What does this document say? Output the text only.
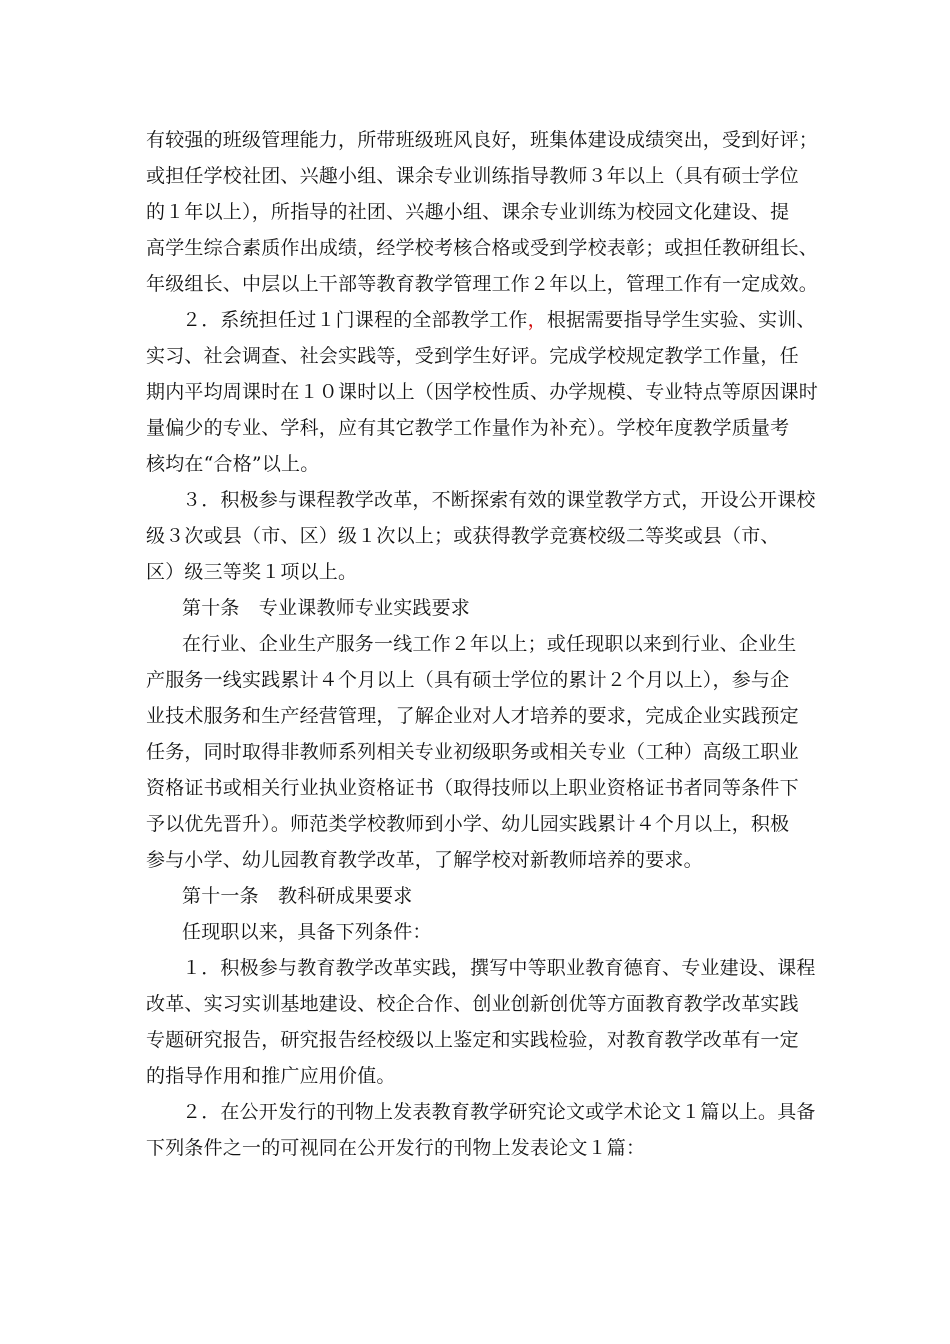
有较强的班级管理能力，所带班级班风良好，班集体建设成绩突出，受到好评；
或担任学校社团、兴趣小组、课余专业训练指导教师３年以上（具有硕士学位
的１年以上），所指导的社团、兴趣小组、课余专业训练为校园文化建设、提
高学生综合素质作出成绩，经学校考核合格或受到学校表彰；或担任教研组长、
年级组长、中层以上干部等教育教学管理工作２年以上，管理工作有一定成效。
２．系统担任过１门课程的全部教学工作，根据需要指导学生实验、实训、
实习、社会调查、社会实践等，受到学生好评。完成学校规定教学工作量，任
期内平均周课时在１０课时以上（因学校性质、办学规模、专业特点等原因课时
量偏少的专业、学科，应有其它教学工作量作为补充）。学校年度教学质量考
核均在“合格”以上。
３．积极参与课程教学改革，不断探索有效的课堂教学方式，开设公开课校
级３次或县（市、区）级１次以上；或获得教学竞赛校级二等奖或县（市、
区）级三等奖１项以上。
第十条　专业课教师专业实践要求
在行业、企业生产服务一线工作２年以上；或任现职以来到行业、企业生
产服务一线实践累计４个月以上（具有硕士学位的累计２个月以上），参与企
业技术服务和生产经营管理，了解企业对人才培养的要求，完成企业实践预定
任务，同时取得非教师系列相关专业初级职务或相关专业（工种）高级工职业
资格证书或相关行业执业资格证书（取得技师以上职业资格证书者同等条件下
予以优先晋升）。师范类学校教师到小学、幼儿园实践累计４个月以上，积极
参与小学、幼儿园教育教学改革，了解学校对新教师培养的要求。
第十一条　教科研成果要求
任现职以来，具备下列条件：
１．积极参与教育教学改革实践，撰写中等职业教育德育、专业建设、课程
改革、实习实训基地建设、校企合作、创业创新创优等方面教育教学改革实践
专题研究报告，研究报告经校级以上鉴定和实践检验，对教育教学改革有一定
的指导作用和推广应用价值。
２．在公开发行的刊物上发表教育教学研究论文或学术论文１篇以上。具备
下列条件之一的可视同在公开发行的刊物上发表论文１篇：
